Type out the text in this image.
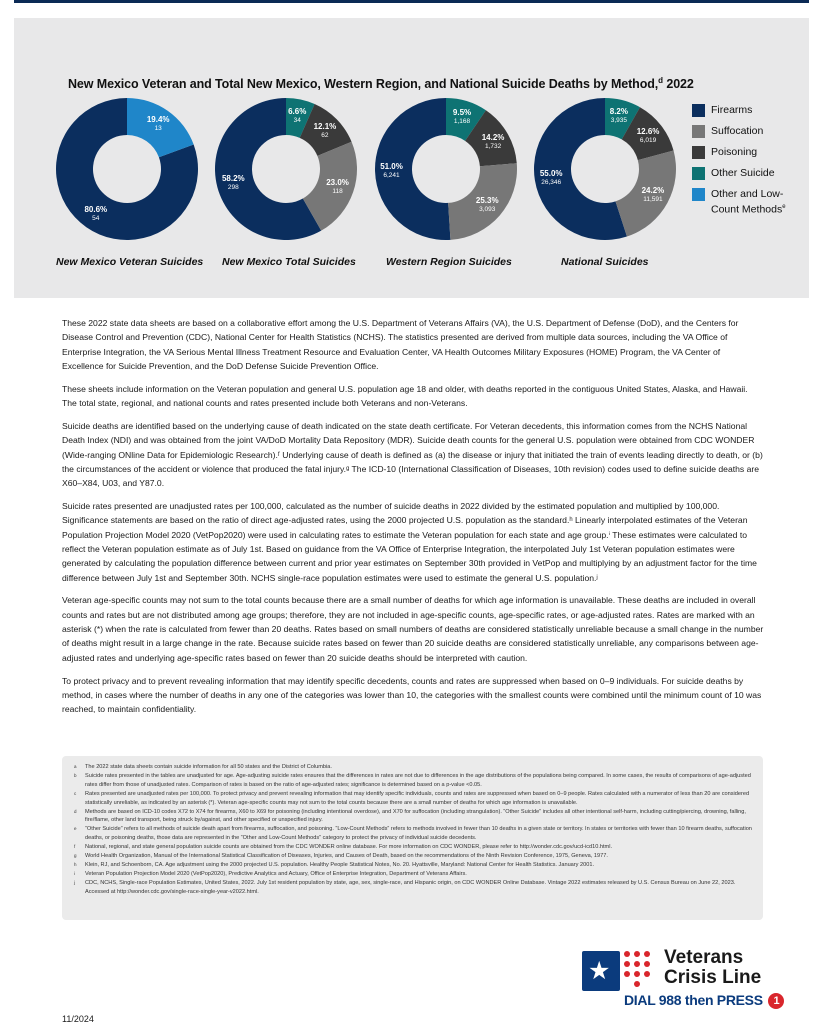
New Mexico Veteran and Total New Mexico, Western Region, and National Suicide Deaths by Method,$^d$ 2022
80.6%
54
19.4%
13
New Mexico Veteran Suicides
58.2%
298
6.6%
34
12.1%
62
23.0%
118
New Mexico Total Suicides
51.0%
6,241
9.5%
1,168
14.2%
1,732
25.3%
3,093
Western Region Suicides
55.0%
26,346
8.2%
3,935
12.6%
6,019
24.2%
11,591
National Suicides
Firearms
Suffocation
Poisoning
Other Suicide
Other and Low-Count Methods$^e$

These 2022 state data sheets are based on a collaborative effort among the U.S. Department of Veterans Affairs (VA), the U.S. Department of Defense (DoD), and the Centers for Disease Control and Prevention (CDC), National Center for Health Statistics (NCHS). The statistics presented are derived from multiple data sources, including the VA Office of Enterprise Integration, the VA Serious Mental Illness Treatment Resource and Evaluation Center, VA Health Outcomes Military Exposures (HOME) Program, the VA Center of Excellence for Suicide Prevention, and the DoD Defense Suicide Prevention Office.

These sheets include information on the Veteran population and general U.S. population age 18 and older, with deaths reported in the contiguous United States, Alaska, and Hawaii. The total state, regional, and national counts and rates presented include both Veterans and non-Veterans.

Suicide deaths are identified based on the underlying cause of death indicated on the state death certificate. For Veteran decedents, this information comes from the NCHS National Death Index (NDI) and was obtained from the joint VA/DoD Mortality Data Repository (MDR). Suicide death counts for the general U.S. population were obtained from CDC WONDER (Wide-ranging ONline Data for Epidemiologic Research).ᶠ Underlying cause of death is defined as (a) the disease or injury that initiated the train of events leading directly to death, or (b) the circumstances of the accident or violence that produced the fatal injury.ᵍ The ICD-10 (International Classification of Diseases, 10th revision) codes used to define suicide deaths are X60–X84, U03, and Y87.0.

Suicide rates presented are unadjusted rates per 100,000, calculated as the number of suicide deaths in 2022 divided by the estimated population and multiplied by 100,000. Significance statements are based on the ratio of direct age-adjusted rates, using the 2000 projected U.S. population as the standard.ʰ Linearly interpolated estimates of the Veteran Population Projection Model 2020 (VetPop2020) were used in calculating rates to estimate the Veteran population for each state and age group.ⁱ These estimates were calculated to reflect the Veteran population estimate as of July 1st. Based on guidance from the VA Office of Enterprise Integration, the interpolated July 1st Veteran population estimates were generated by calculating the population difference between current and prior year estimates on September 30th provided in VetPop and multiplying by an adjustment factor for the time difference between July 1st and September 30th. NCHS single-race population estimates were used to estimate the general U.S. population.ʲ

Veteran age-specific counts may not sum to the total counts because there are a small number of deaths for which age information is unavailable. These deaths are included in overall counts and rates but are not distributed among age groups; therefore, they are not included in age-specific counts, age-specific rates, or age-adjusted rates. Rates are marked with an asterisk (*) when the rate is calculated from fewer than 20 deaths. Rates based on small numbers of deaths are considered statistically unreliable because a small change in the number of deaths might result in a large change in the rate. Because suicide rates based on fewer than 20 suicide deaths are considered statistically unreliable, any comparisons between age-adjusted rates and underlying age-specific rates based on fewer than 20 suicide deaths should be interpreted with caution.

To protect privacy and to prevent revealing information that may identify specific decedents, counts and rates are suppressed when based on 0–9 individuals. For suicide deaths by method, in cases where the number of deaths in any one of the categories was lower than 10, the categories with the smallest counts were combined until the minimum count of 10 was reached, to maintain confidentiality.

a	The 2022 state data sheets contain suicide information for all 50 states and the District of Columbia.
b	Suicide rates presented in the tables are unadjusted for age. Age-adjusting suicide rates ensures that the differences in rates are not due to differences in the age distributions of the populations being compared. In some cases, the results of comparisons of age-adjusted rates differ from those of unadjusted rates. Comparison of rates is based on the ratio of age-adjusted rates; significance is determined based on a p-value <0.05.
c	Rates presented are unadjusted rates per 100,000. To protect privacy and prevent revealing information that may identify specific individuals, counts and rates are suppressed when based on 0–9 people. Rates calculated with a numerator of less than 20 are considered statistically unreliable, as indicated by an asterisk (*). Veteran age-specific counts may not sum to the total counts because there are a small number of deaths for which age information is unavailable.
d	Methods are based on ICD-10 codes X72 to X74 for firearms, X60 to X69 for poisoning (including intentional overdose), and X70 for suffocation (including strangulation). “Other Suicide” includes all other intentional self-harm, including cutting/piercing, drowning, falling, fire/flame, other land transport, being struck by/against, and other specified or unspecified injury.
e	“Other Suicide” refers to all methods of suicide death apart from firearms, suffocation, and poisoning. “Low-Count Methods” refers to methods involved in fewer than 10 deaths in a given state or territory. In states or territories with fewer than 10 firearm deaths, suffocation deaths, or poisoning deaths, those data are represented in the “Other and Low-Count Methods” category to protect the privacy of individual suicide decedents.
f	National, regional, and state general population suicide counts are obtained from the CDC WONDER online database. For more information on CDC WONDER, please refer to http://wonder.cdc.gov/ucd-icd10.html.
g	World Health Organization, Manual of the International Statistical Classification of Diseases, Injuries, and Causes of Death, based on the recommendations of the Ninth Revision Conference, 1975, Geneva, 1977.
h	Klein, RJ, and Schoenborn, CA. Age adjustment using the 2000 projected U.S. population. Healthy People Statistical Notes, No. 20. Hyattsville, Maryland: National Center for Health Statistics. January 2001.
i	Veteran Population Projection Model 2020 (VetPop2020), Predictive Analytics and Actuary, Office of Enterprise Integration, Department of Veterans Affairs.
j	CDC, NCHS, Single-race Population Estimates, United States, 2022. July 1st resident population by state, age, sex, single-race, and Hispanic origin, on CDC WONDER Online Database. Vintage 2022 estimates released by U.S. Census Bureau on June 22, 2023. Accessed at http://wonder.cdc.gov/single-race-single-year-v2022.html.
★	Veterans
Crisis Line
DIAL 988 then PRESS 1
11/2024
